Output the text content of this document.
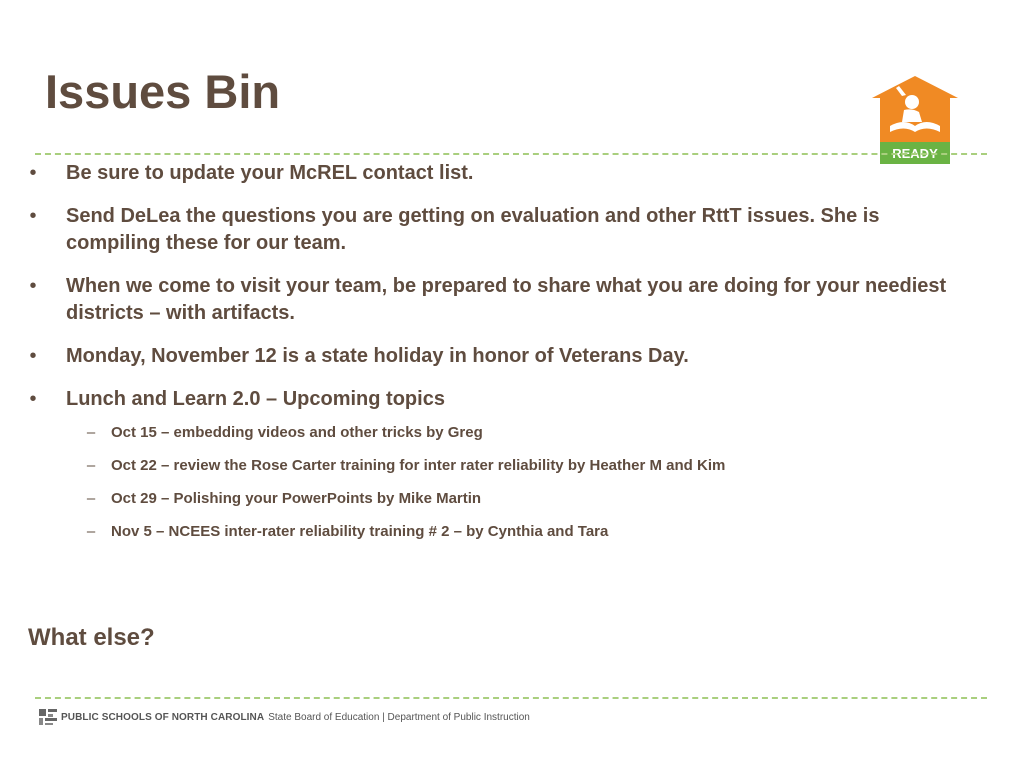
Issues Bin
READY
• Be sure to update your McREL contact list.
• Send DeLea the questions you are getting on evaluation and other RttT issues. She is compiling these for our team.
• When we come to visit your team, be prepared to share what you are doing for your neediest districts – with artifacts.
• Monday, November 12 is a state holiday in honor of Veterans Day.
• Lunch and Learn 2.0 – Upcoming topics
– Oct 15 – embedding videos and other tricks by Greg
– Oct 22 – review the Rose Carter training for inter rater reliability by Heather M and Kim
– Oct 29 – Polishing your PowerPoints by Mike Martin
– Nov 5 – NCEES inter-rater reliability training # 2 – by Cynthia and Tara
What else?
PUBLIC SCHOOLS OF NORTH CAROLINA State Board of Education | Department of Public Instruction
